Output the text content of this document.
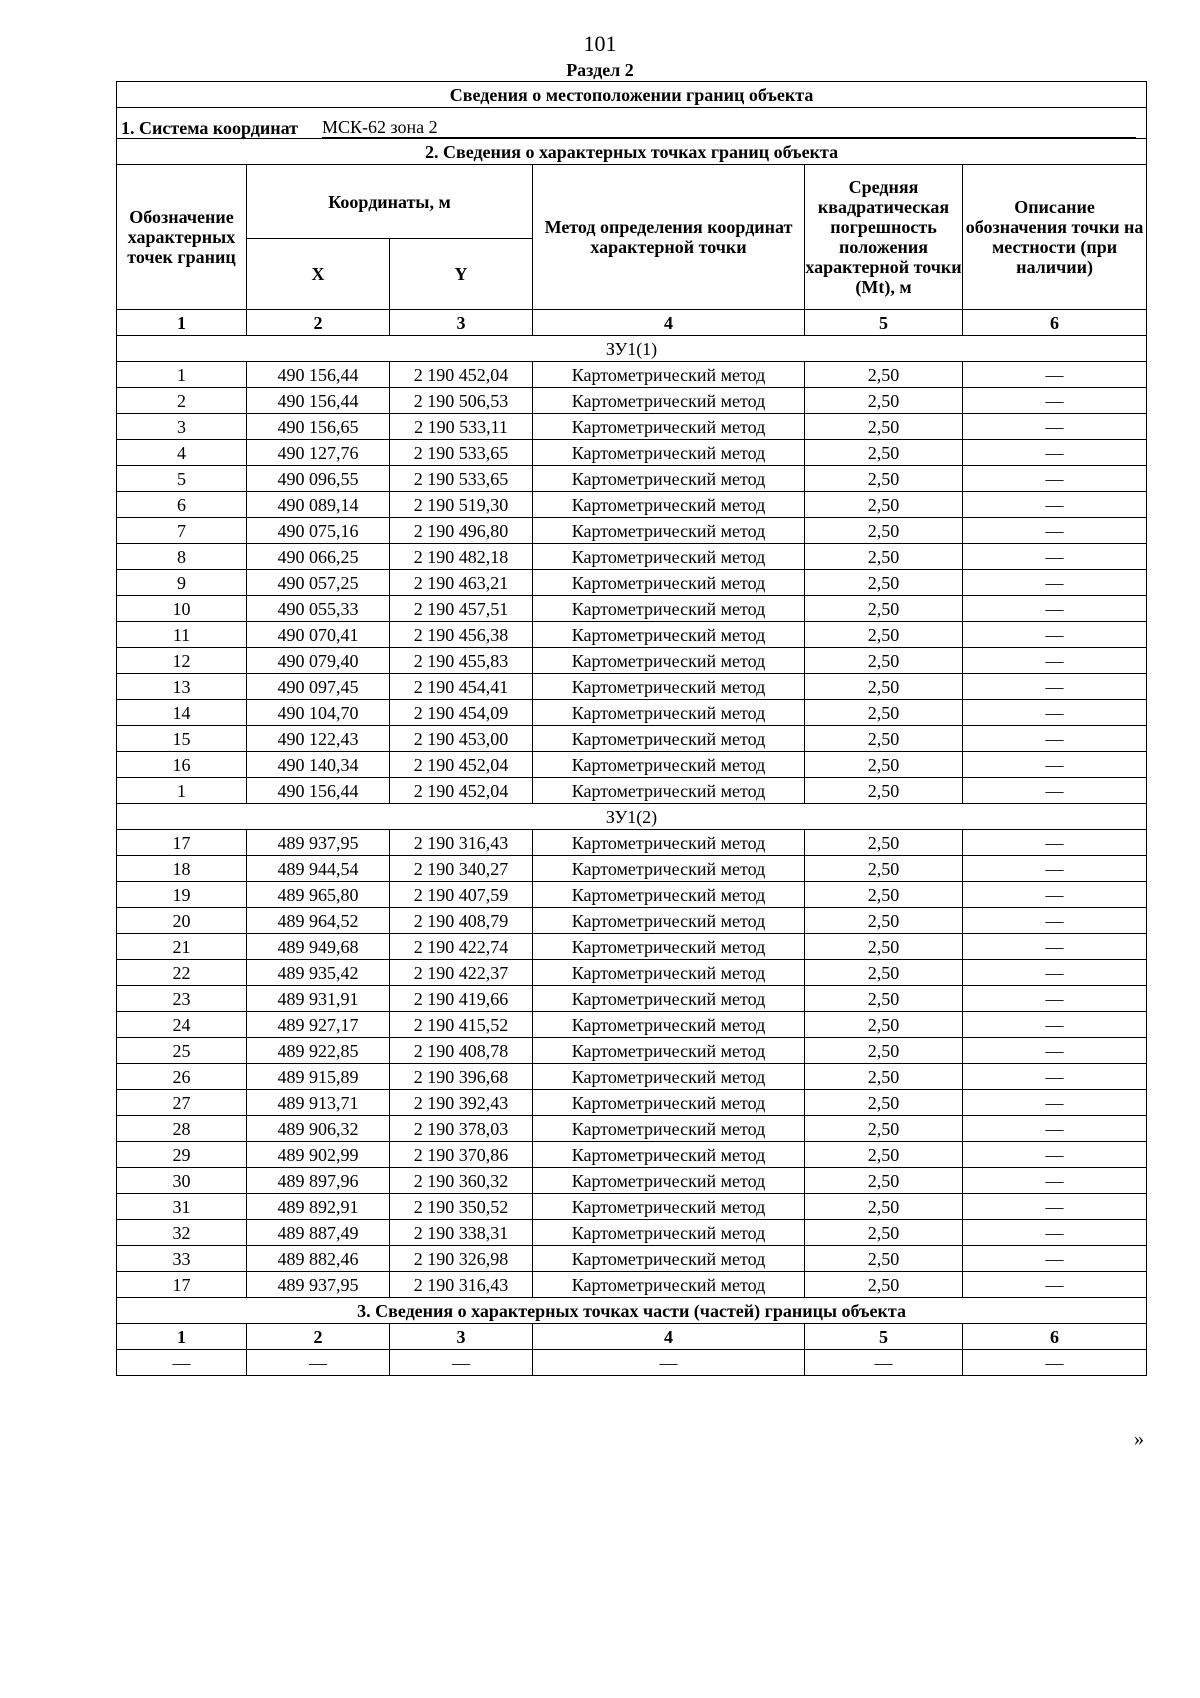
101
Раздел 2
Сведения о местоположении границ объекта					

1. Система координат МСК-62 зона 2					

2. Сведения о характерных точках границ объекта					
Обозначение характерных точек границ	Координаты, м		Метод определения координат характерной точки	Средняя квадратическая погрешность положения характерной точки (Mt), м	Описание обозначения точки на местности (при наличии)
	X	Y			
1	2	3	4	5	6
ЗУ1(1)					
1	490 156,44	2 190 452,04	Картометрический метод	2,50	—
2	490 156,44	2 190 506,53	Картометрический метод	2,50	—
3	490 156,65	2 190 533,11	Картометрический метод	2,50	—
4	490 127,76	2 190 533,65	Картометрический метод	2,50	—
5	490 096,55	2 190 533,65	Картометрический метод	2,50	—
6	490 089,14	2 190 519,30	Картометрический метод	2,50	—
7	490 075,16	2 190 496,80	Картометрический метод	2,50	—
8	490 066,25	2 190 482,18	Картометрический метод	2,50	—
9	490 057,25	2 190 463,21	Картометрический метод	2,50	—
10	490 055,33	2 190 457,51	Картометрический метод	2,50	—
11	490 070,41	2 190 456,38	Картометрический метод	2,50	—
12	490 079,40	2 190 455,83	Картометрический метод	2,50	—
13	490 097,45	2 190 454,41	Картометрический метод	2,50	—
14	490 104,70	2 190 454,09	Картометрический метод	2,50	—
15	490 122,43	2 190 453,00	Картометрический метод	2,50	—
16	490 140,34	2 190 452,04	Картометрический метод	2,50	—
1	490 156,44	2 190 452,04	Картометрический метод	2,50	—
ЗУ1(2)					
17	489 937,95	2 190 316,43	Картометрический метод	2,50	—
18	489 944,54	2 190 340,27	Картометрический метод	2,50	—
19	489 965,80	2 190 407,59	Картометрический метод	2,50	—
20	489 964,52	2 190 408,79	Картометрический метод	2,50	—
21	489 949,68	2 190 422,74	Картометрический метод	2,50	—
22	489 935,42	2 190 422,37	Картометрический метод	2,50	—
23	489 931,91	2 190 419,66	Картометрический метод	2,50	—
24	489 927,17	2 190 415,52	Картометрический метод	2,50	—
25	489 922,85	2 190 408,78	Картометрический метод	2,50	—
26	489 915,89	2 190 396,68	Картометрический метод	2,50	—
27	489 913,71	2 190 392,43	Картометрический метод	2,50	—
28	489 906,32	2 190 378,03	Картометрический метод	2,50	—
29	489 902,99	2 190 370,86	Картометрический метод	2,50	—
30	489 897,96	2 190 360,32	Картометрический метод	2,50	—
31	489 892,91	2 190 350,52	Картометрический метод	2,50	—
32	489 887,49	2 190 338,31	Картометрический метод	2,50	—
33	489 882,46	2 190 326,98	Картометрический метод	2,50	—
17	489 937,95	2 190 316,43	Картометрический метод	2,50	—
3. Сведения о характерных точках части (частей) границы объекта					
1	2	3	4	5	6
—	—	—	—	—	—
»
